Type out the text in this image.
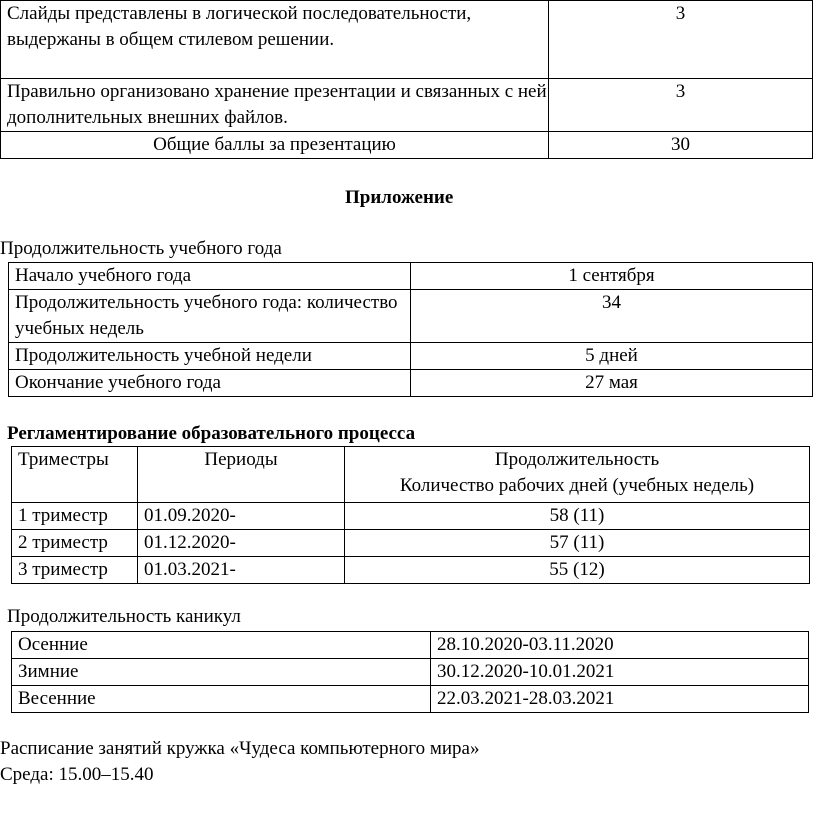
Слайды представлены в логической последовательности, выдержаны в общем стилевом решении.	3
Правильно организовано хранение презентации и связанных с ней дополнительных внешних файлов.	3
Общие баллы за презентацию	30
Приложение
Продолжительность учебного года
Начало учебного года	1 сентября
Продолжительность учебного года: количество учебных недель	34
Продолжительность учебной недели	5 дней
Окончание учебного года	27 мая
Регламентирование образовательного процесса
Триместры	Периоды	Продолжительность
Количество рабочих дней (учебных недель)

1 триместр	01.09.2020-	58 (11)
2 триместр	01.12.2020-	57 (11)
3 триместр	01.03.2021-	55 (12)
Продолжительность каникул
Осенние	28.10.2020-03.11.2020
Зимние	30.12.2020-10.01.2021
Весенние	22.03.2021-28.03.2021
Расписание занятий кружка «Чудеса компьютерного мира»
Среда: 15.00–15.40
